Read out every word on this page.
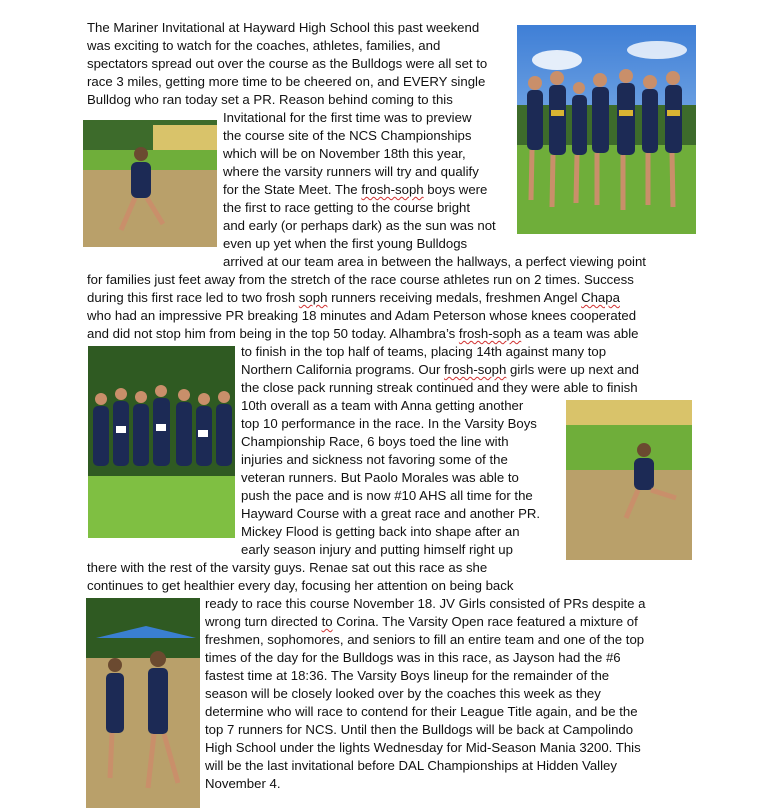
The Mariner Invitational at Hayward High School this past weekend
was exciting to watch for the coaches, athletes, families, and
spectators spread out over the course as the Bulldogs were all set to
race 3 miles, getting more time to be cheered on, and EVERY single
Bulldog who ran today set a PR. Reason behind coming to this
Invitational for the first time was to preview
the course site of the NCS Championships
which will be on November 18th this year,
where the varsity runners will try and qualify
for the State Meet. The frosh-soph boys were
the first to race getting to the course bright
and early (or perhaps dark) as the sun was not
even up yet when the first young Bulldogs
arrived at our team area in between the hallways, a perfect viewing point
for families just feet away from the stretch of the race course athletes run on 2 times. Success
during this first race led to two frosh soph runners receiving medals, freshmen Angel Chapa
who had an impressive PR breaking 18 minutes and Adam Peterson whose knees cooperated
and did not stop him from being in the top 50 today. Alhambra’s frosh-soph as a team was able
to finish in the top half of teams, placing 14th against many top
Northern California programs. Our frosh-soph girls were up next and
the close pack running streak continued and they were able to finish
10th overall as a team with Anna getting another
top 10 performance in the race. In the Varsity Boys
Championship Race, 6 boys toed the line with
injuries and sickness not favoring some of the
veteran runners. But Paolo Morales was able to
push the pace and is now #10 AHS all time for the
Hayward Course with a great race and another PR.
Mickey Flood is getting back into shape after an
early season injury and putting himself right up
there with the rest of the varsity guys. Renae sat out this race as she
continues to get healthier every day, focusing her attention on being back
ready to race this course November 18. JV Girls consisted of PRs despite a
wrong turn directed to Corina. The Varsity Open race featured a mixture of
freshmen, sophomores, and seniors to fill an entire team and one of the top
times of the day for the Bulldogs was in this race, as Jayson had the #6
fastest time at 18:36. The Varsity Boys lineup for the remainder of the
season will be closely looked over by the coaches this week as they
determine who will race to contend for their League Title again, and be the
top 7 runners for NCS. Until then the Bulldogs will be back at Campolindo
High School under the lights Wednesday for Mid-Season Mania 3200. This
will be the last invitational before DAL Championships at Hidden Valley
November 4.
